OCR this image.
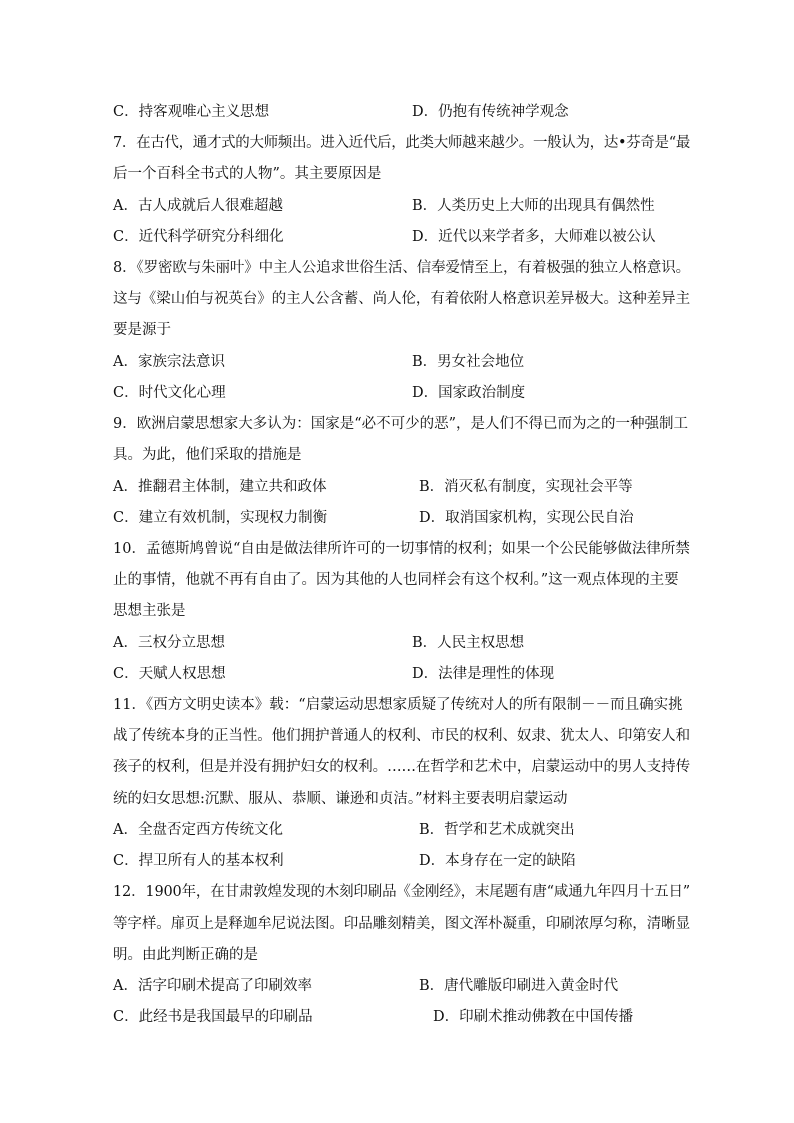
C．持客观唯心主义思想	D．仍抱有传统神学观念
7．在古代，通才式的大师频出。进入近代后，此类大师越来越少。一般认为，达•芬奇是“最
后一个百科全书式的人物”。其主要原因是
A．古人成就后人很难超越	B．人类历史上大师的出现具有偶然性
C．近代科学研究分科细化	D．近代以来学者多，大师难以被公认
8．《罗密欧与朱丽叶》中主人公追求世俗生活、信奉爱情至上，有着极强的独立人格意识。
这与《梁山伯与祝英台》的主人公含蓄、尚人伦，有着依附人格意识差异极大。这种差异主
要是源于
A．家族宗法意识	B．男女社会地位
C．时代文化心理	D．国家政治制度
9．欧洲启蒙思想家大多认为：国家是“必不可少的恶”，是人们不得已而为之的一种强制工
具。为此，他们采取的措施是
A．推翻君主体制，建立共和政体	B．消灭私有制度，实现社会平等
C．建立有效机制，实现权力制衡	D．取消国家机构，实现公民自治
10．孟德斯鸠曾说“自由是做法律所许可的一切事情的权利；如果一个公民能够做法律所禁
止的事情，他就不再有自由了。因为其他的人也同样会有这个权利。”这一观点体现的主要
思想主张是
A．三权分立思想	B．人民主权思想
C．天赋人权思想	D．法律是理性的体现
11．《西方文明史读本》载：“启蒙运动思想家质疑了传统对人的所有限制－－而且确实挑
战了传统本身的正当性。他们拥护普通人的权利、市民的权利、奴隶、犹太人、印第安人和
孩子的权利，但是并没有拥护妇女的权利。……在哲学和艺术中，启蒙运动中的男人支持传
统的妇女思想:沉默、服从、恭顺、谦逊和贞洁。”材料主要表明启蒙运动
A．全盘否定西方传统文化	B．哲学和艺术成就突出
C．捍卫所有人的基本权利	D．本身存在一定的缺陷
12．1900年，在甘肃敦煌发现的木刻印刷品《金刚经》，末尾题有唐“咸通九年四月十五日”
等字样。扉页上是释迦牟尼说法图。印品雕刻精美，图文浑朴凝重，印刷浓厚匀称，清晰显
明。由此判断正确的是
A．活字印刷术提高了印刷效率	B．唐代雕版印刷进入黄金时代
C．此经书是我国最早的印刷品	D．印刷术推动佛教在中国传播
